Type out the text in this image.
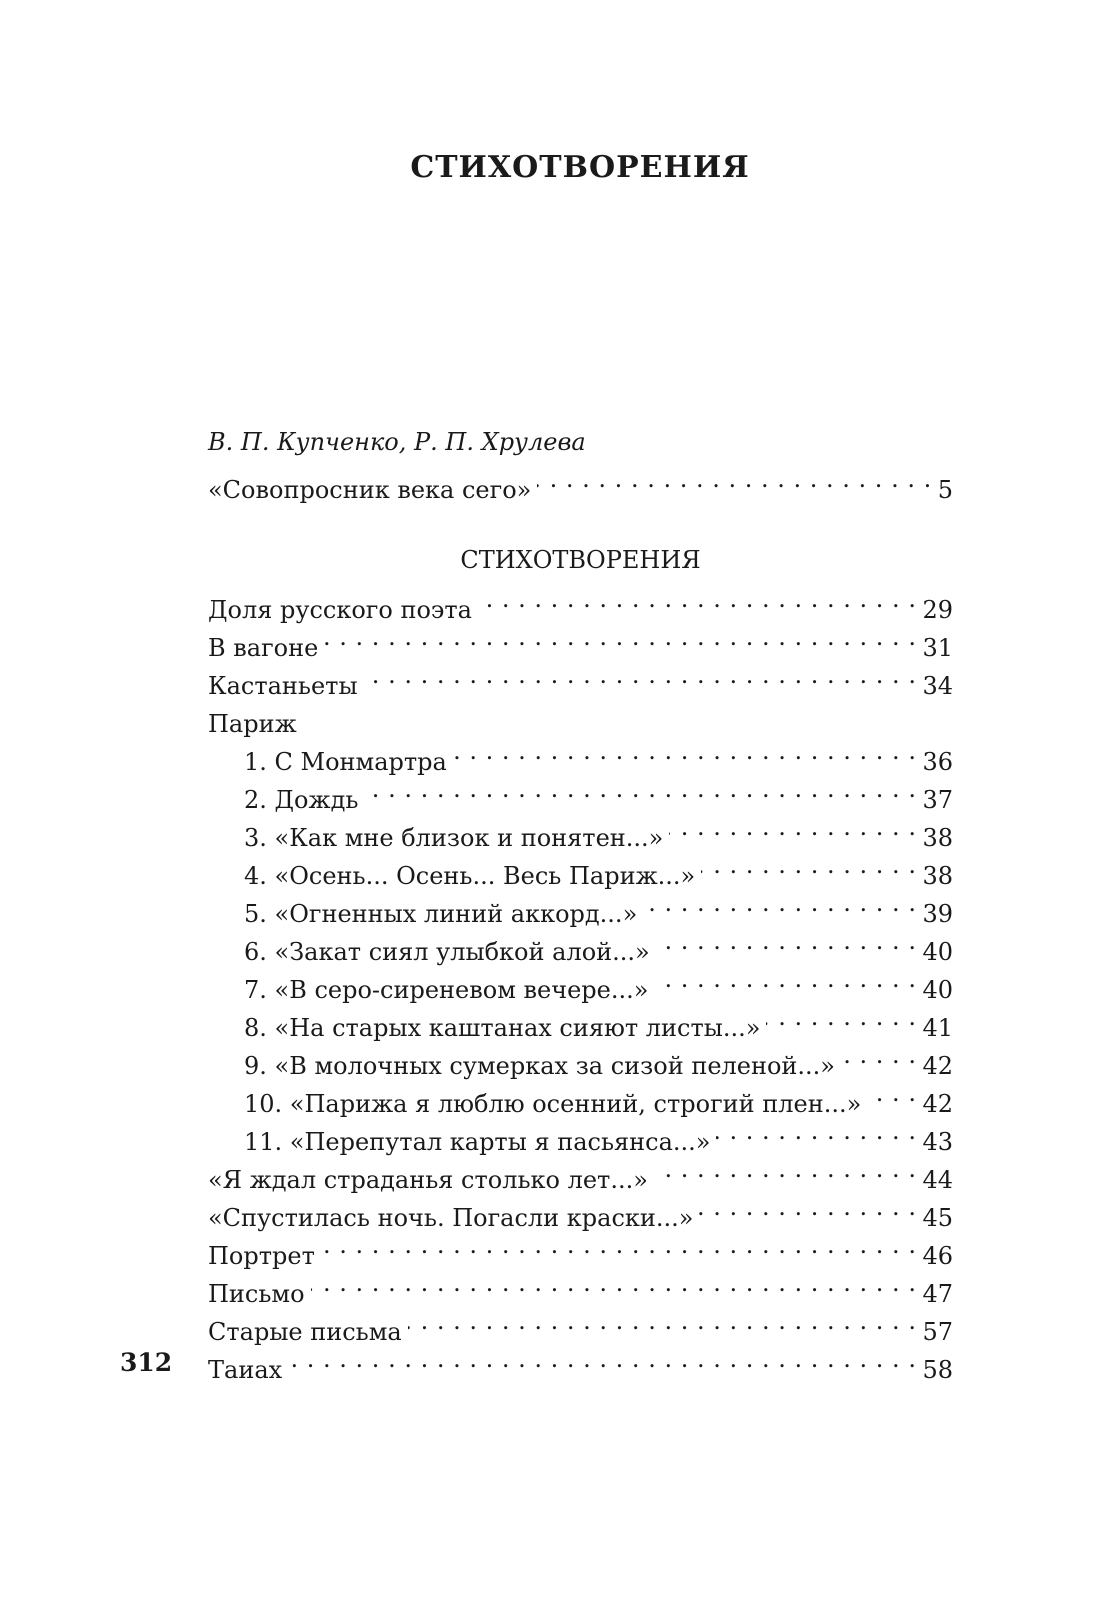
СТИХОТВОРЕНИЯ
В. П. Купченко, Р. П. Хрулева
«Совопросник века сего» . . .	5
СТИХОТВОРЕНИЯ
Доля русского поэта . . .	29
В вагоне . . .	31
Кастаньеты . . .	34
Париж
1. С Монмартра . . .	36
2. Дождь . . .	37
3. «Как мне близок и понятен...» . . .	38
4. «Осень... Осень... Весь Париж...» . . .	38
5. «Огненных линий аккорд...» . . .	39
6. «Закат сиял улыбкой алой...» . . .	40
7. «В серо-сиреневом вечере...» . . .	40
8. «На старых каштанах сияют листы...» . . .	41
9. «В молочных сумерках за сизой пеленой...» . . .	42
10. «Парижа я люблю осенний, строгий плен...» . . .	42
11. «Перепутал карты я пасьянса...» . . .	43
«Я ждал страданья столько лет...» . . .	44
«Спустилась ночь. Погасли краски...» . . .	45
Портрет . . .	46
Письмо . . .	47
Старые письма . . .	57
Таиах . . .	58
312
